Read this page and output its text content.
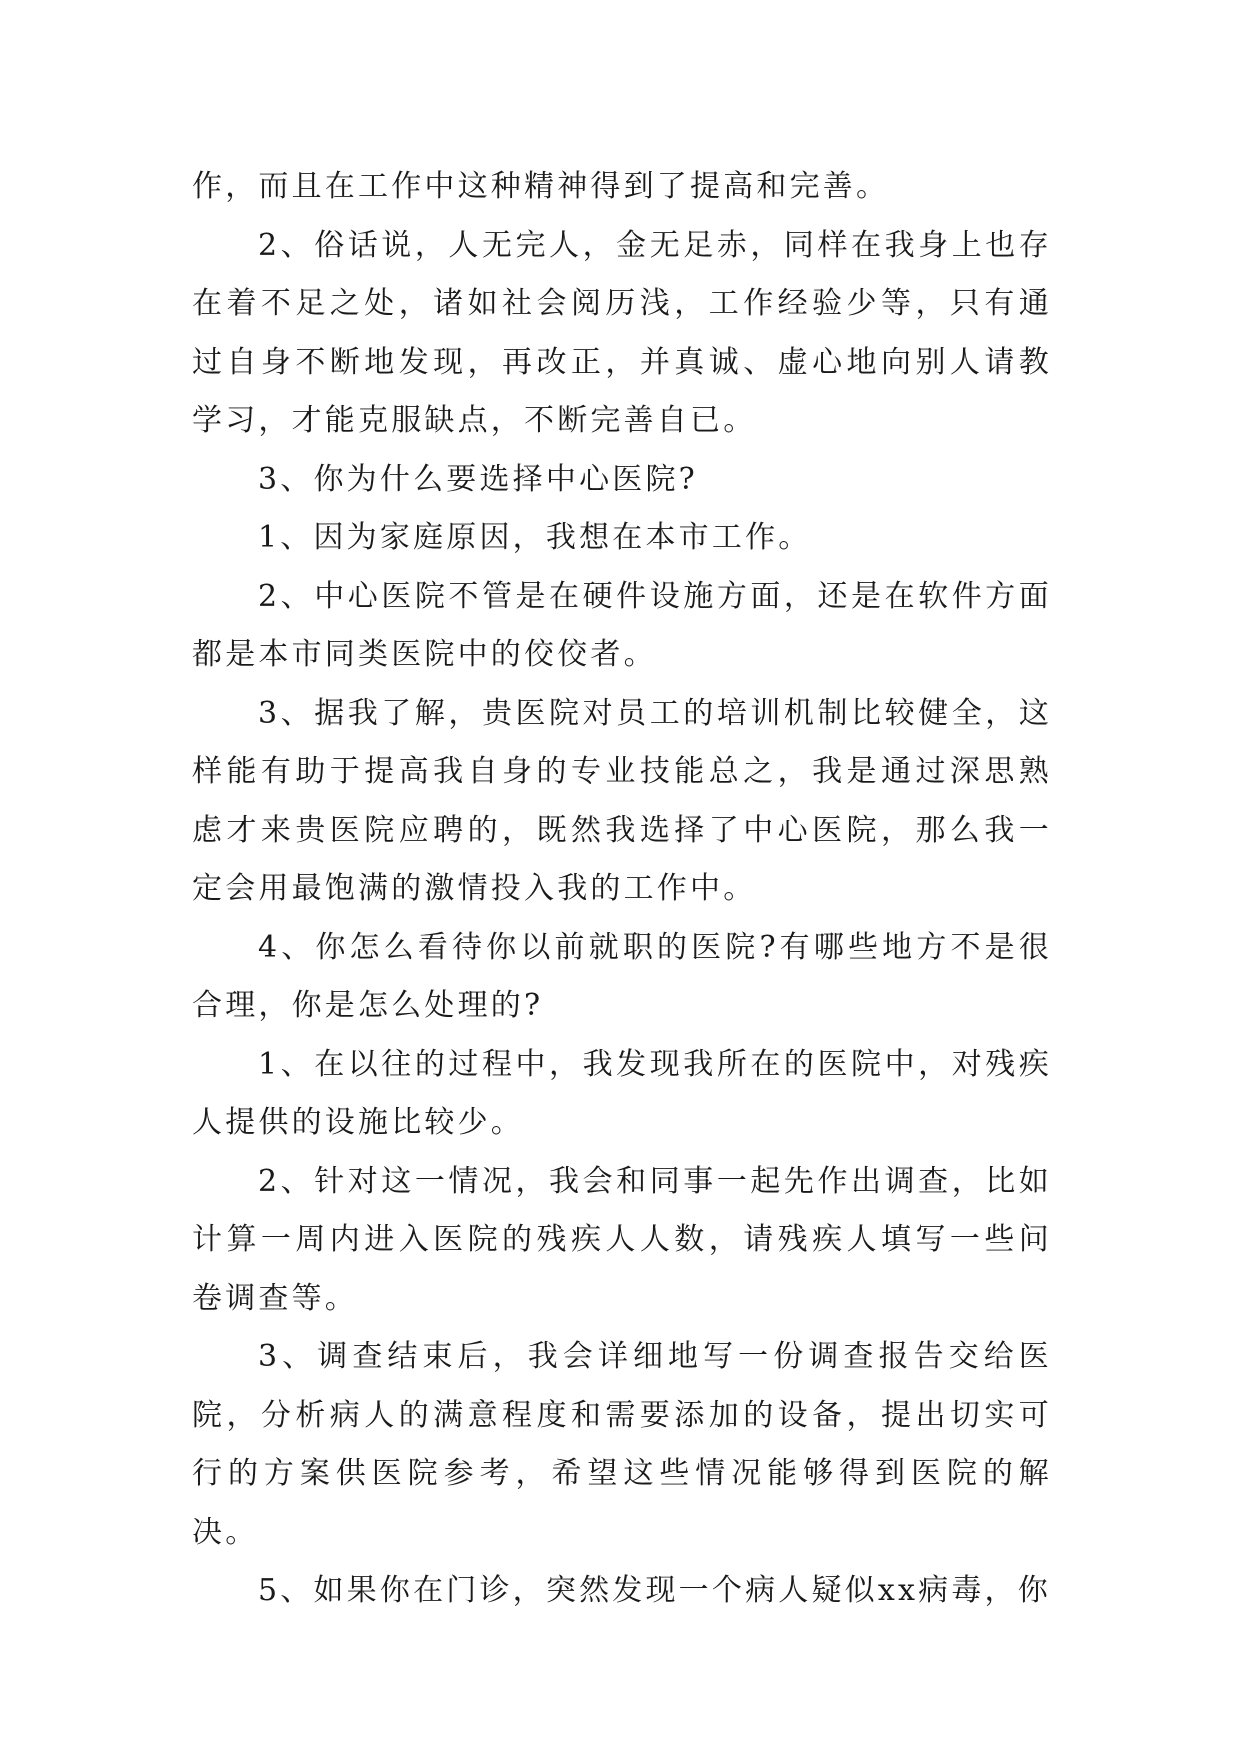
作，而且在工作中这种精神得到了提高和完善。

2、俗话说，人无完人，金无足赤，同样在我身上也存在着不足之处，诸如社会阅历浅，工作经验少等，只有通过自身不断地发现，再改正，并真诚、虚心地向别人请教学习，才能克服缺点，不断完善自已。

3、你为什么要选择中心医院?

1、因为家庭原因，我想在本市工作。

2、中心医院不管是在硬件设施方面，还是在软件方面都是本市同类医院中的佼佼者。

3、据我了解，贵医院对员工的培训机制比较健全，这样能有助于提高我自身的专业技能总之，我是通过深思熟虑才来贵医院应聘的，既然我选择了中心医院，那么我一定会用最饱满的激情投入我的工作中。

4、你怎么看待你以前就职的医院?有哪些地方不是很合理，你是怎么处理的?

1、在以往的过程中，我发现我所在的医院中，对残疾人提供的设施比较少。

2、针对这一情况，我会和同事一起先作出调查，比如计算一周内进入医院的残疾人人数，请残疾人填写一些问卷调查等。

3、调查结束后，我会详细地写一份调查报告交给医院，分析病人的满意程度和需要添加的设备，提出切实可行的方案供医院参考，希望这些情况能够得到医院的解决。

5、如果你在门诊，突然发现一个病人疑似xx病毒，你
